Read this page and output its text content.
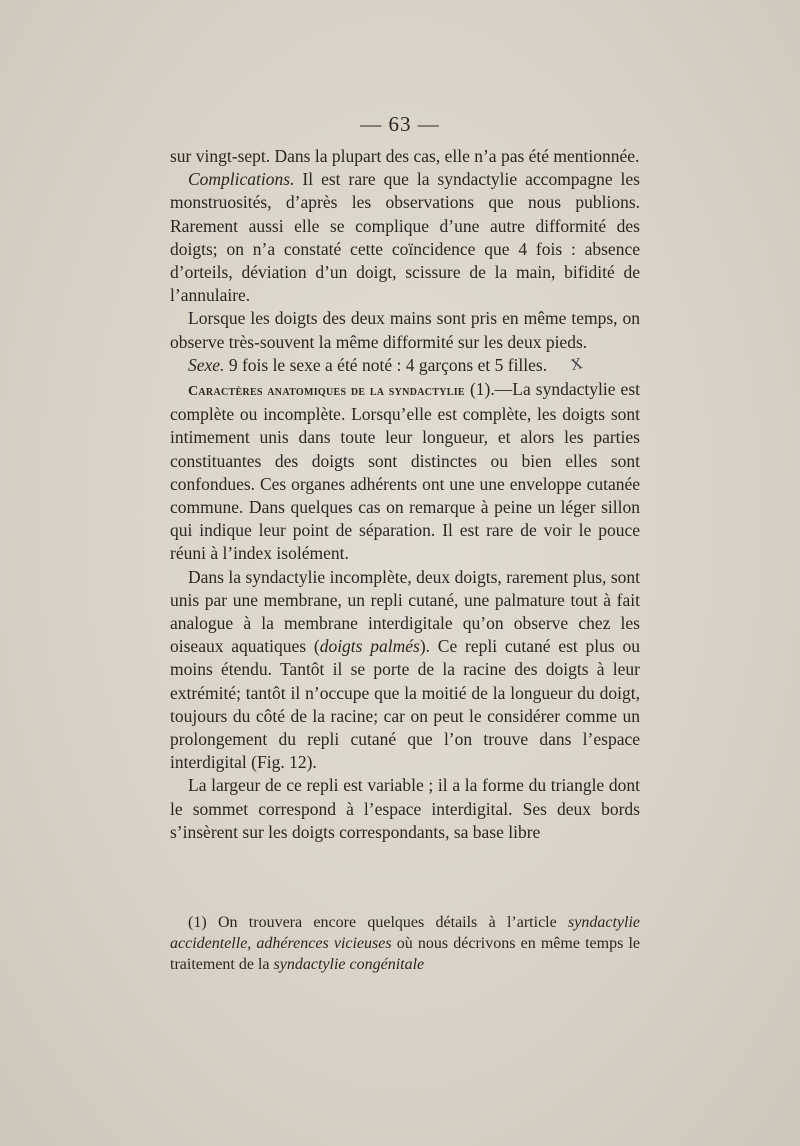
— 63 —

sur vingt-sept. Dans la plupart des cas, elle n’a pas été mentionnée.

Complications. Il est rare que la syndactylie accompagne les monstruosités, d’après les observations que nous publions. Rarement aussi elle se complique d’une autre difformité des doigts; on n’a constaté cette coïncidence que 4 fois : absence d’orteils, déviation d’un doigt, scissure de la main, bifidité de l’annulaire.

Lorsque les doigts des deux mains sont pris en même temps, on observe très-souvent la même difformité sur les deux pieds.

Sexe. 9 fois le sexe a été noté : 4 garçons et 5 filles. X

Caractères anatomiques de la syndactylie (1).—La syndactylie est complète ou incomplète. Lorsqu’elle est complète, les doigts sont intimement unis dans toute leur longueur, et alors les parties constituantes des doigts sont distinctes ou bien elles sont confondues. Ces organes adhérents ont une une enveloppe cutanée commune. Dans quelques cas on remarque à peine un léger sillon qui indique leur point de séparation. Il est rare de voir le pouce réuni à l’index isolément.

Dans la syndactylie incomplète, deux doigts, rarement plus, sont unis par une membrane, un repli cutané, une palmature tout à fait analogue à la membrane interdigitale qu’on observe chez les oiseaux aquatiques (doigts palmés). Ce repli cutané est plus ou moins étendu. Tantôt il se porte de la racine des doigts à leur extrémité; tantôt il n’occupe que la moitié de la longueur du doigt, toujours du côté de la racine; car on peut le considérer comme un prolongement du repli cutané que l’on trouve dans l’espace interdigital (Fig. 12).

La largeur de ce repli est variable ; il a la forme du triangle dont le sommet correspond à l’espace interdigital. Ses deux bords s’insèrent sur les doigts correspondants, sa base libre

(1) On trouvera encore quelques détails à l’article syndactylie accidentelle, adhérences vicieuses où nous décrivons en même temps le traitement de la syndactylie congénitale
